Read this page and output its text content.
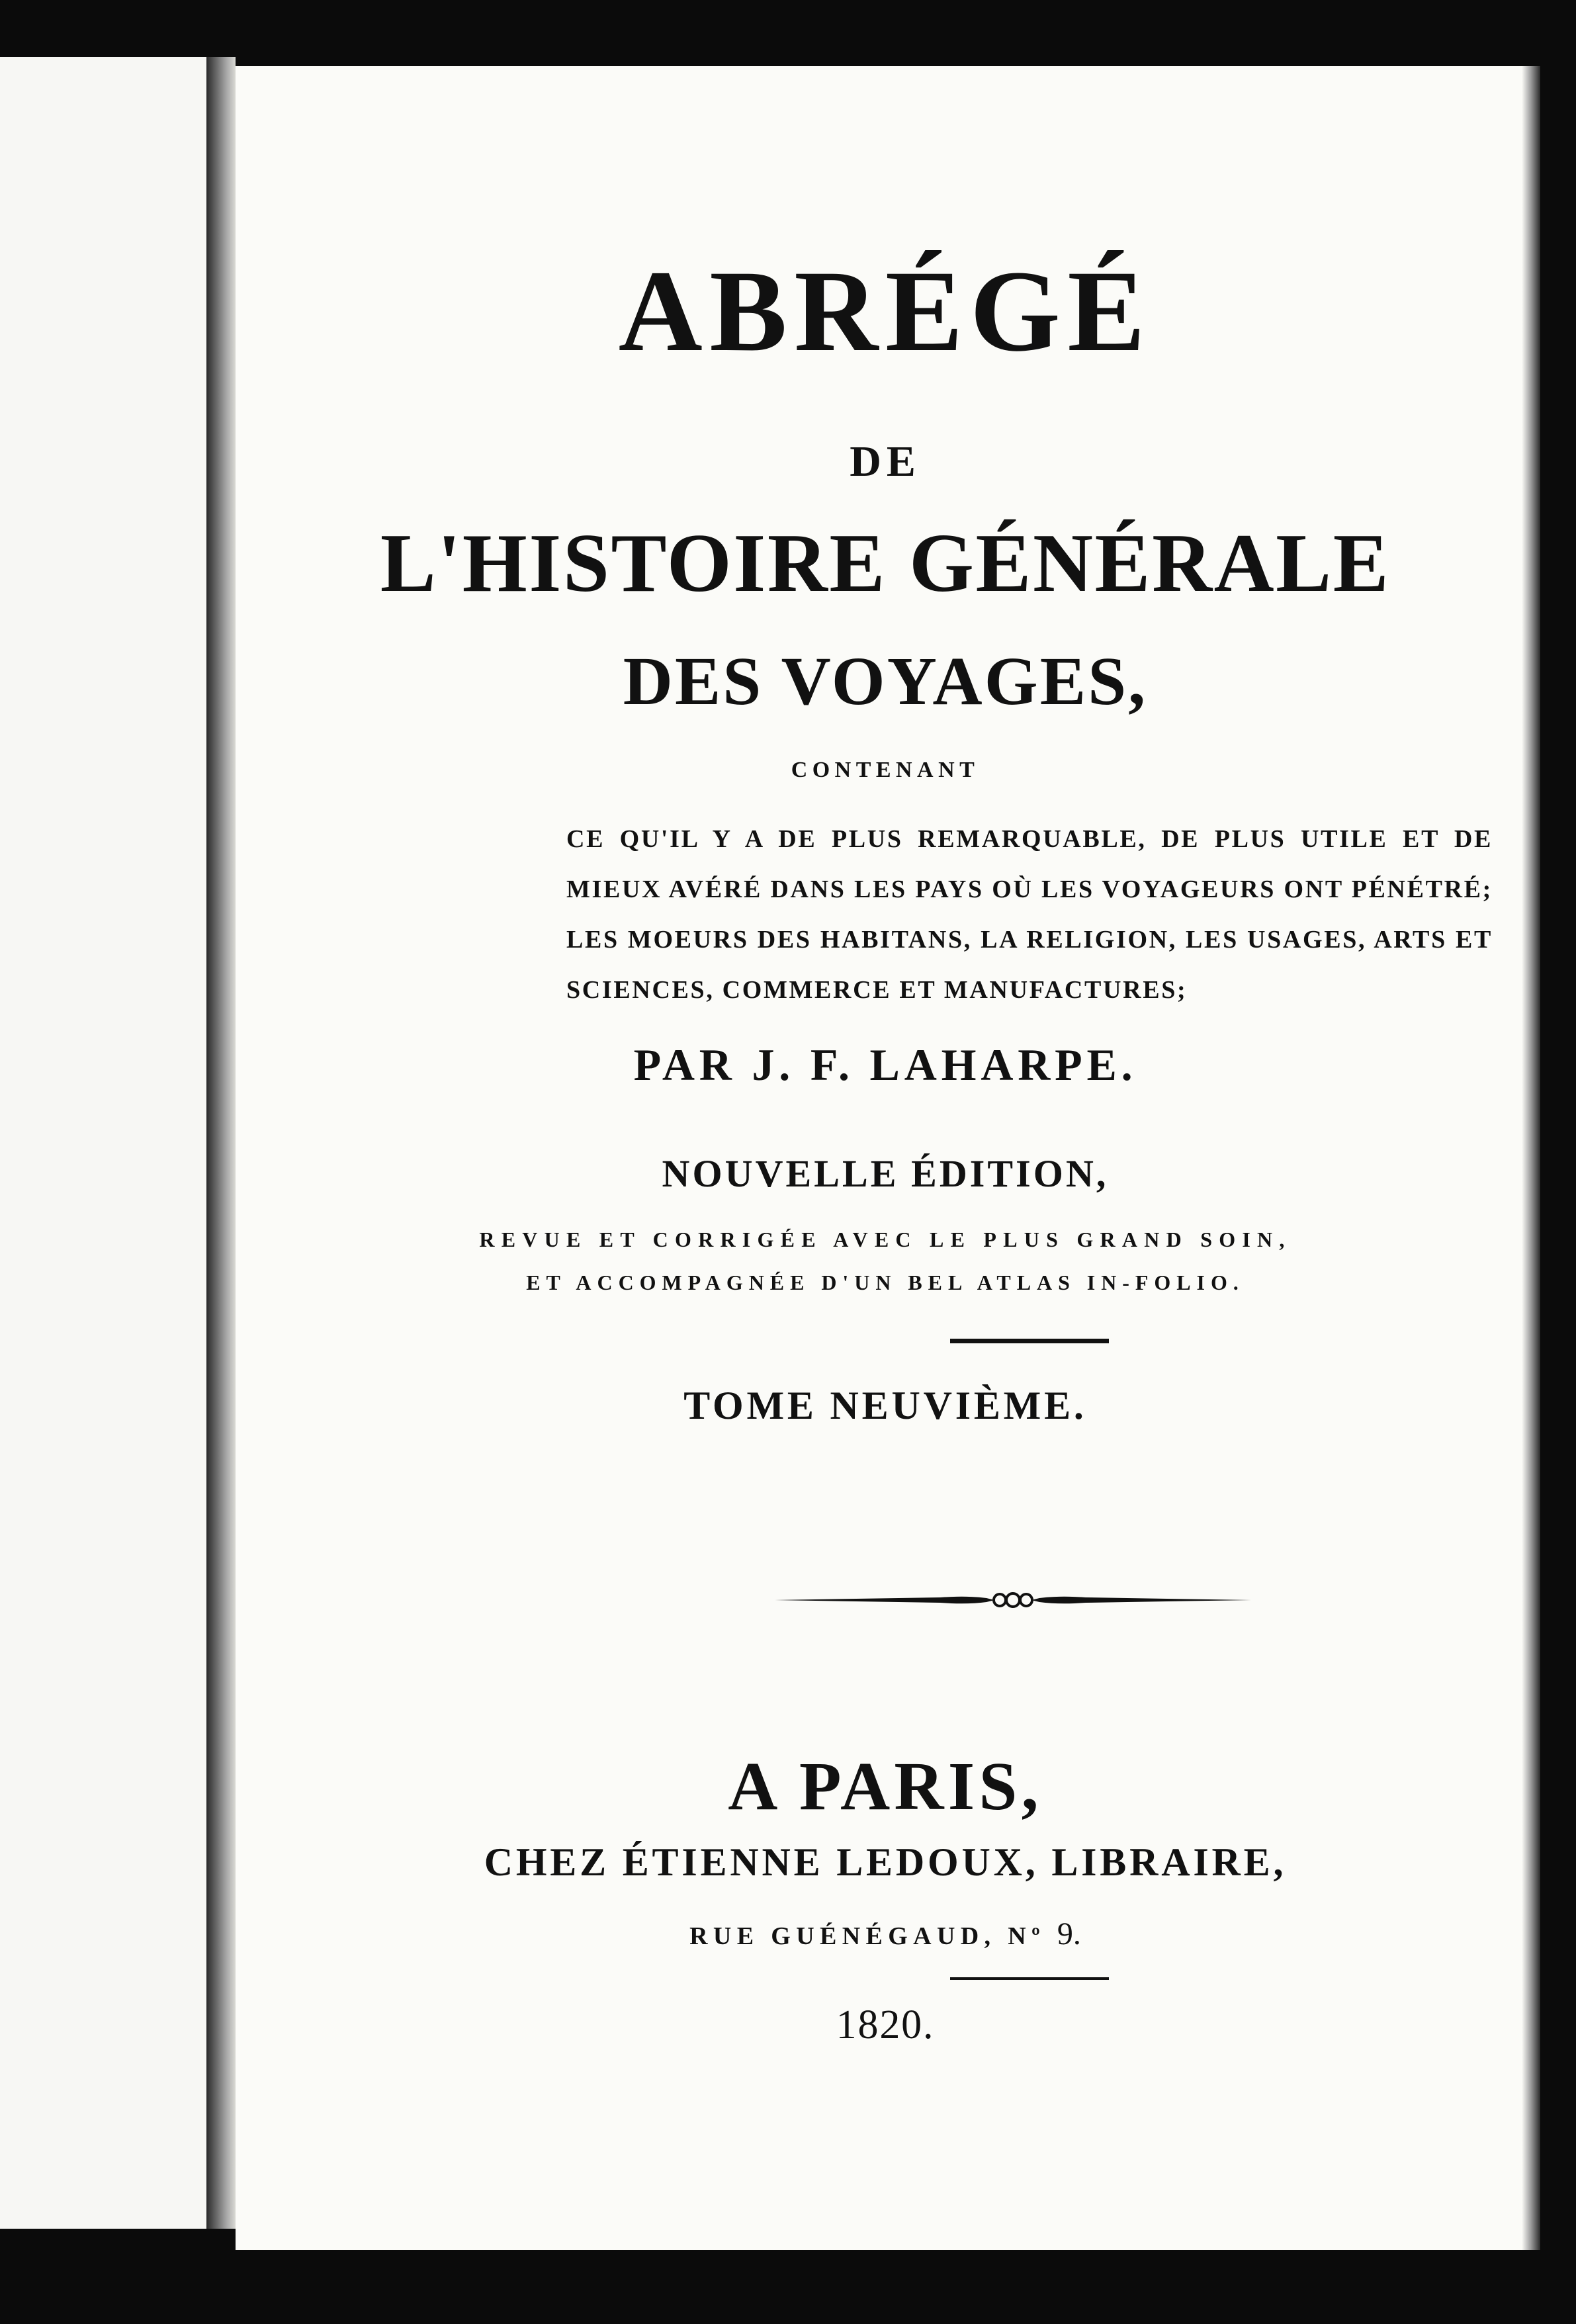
ABRÉGÉ
DE
L'HISTOIRE GÉNÉRALE
DES VOYAGES,
CONTENANT
CE QU'IL Y A DE PLUS REMARQUABLE, DE PLUS UTILE ET DE MIEUX AVÉRÉ DANS LES PAYS OÙ LES VOYAGEURS ONT PÉNÉTRÉ; LES MOEURS DES HABITANS, LA RELIGION, LES USAGES, ARTS ET SCIENCES, COMMERCE ET MANUFACTURES;
PAR J. F. LAHARPE.
NOUVELLE ÉDITION,
REVUE ET CORRIGÉE AVEC LE PLUS GRAND SOIN,
ET ACCOMPAGNÉE D'UN BEL ATLAS IN-FOLIO.
TOME NEUVIÈME.
A PARIS,
CHEZ ÉTIENNE LEDOUX, LIBRAIRE,
RUE GUÉNÉGAUD, Nº 9.
1820.
